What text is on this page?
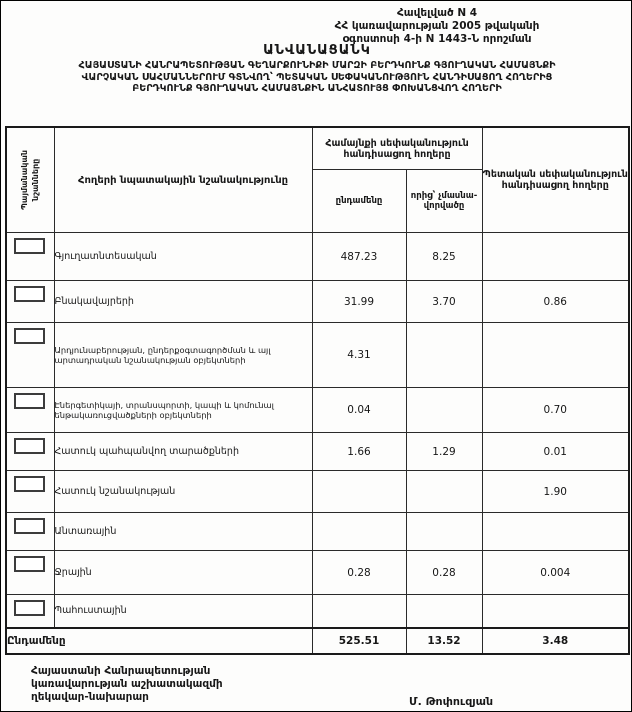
Հավելված N 4
ՀՀ կառավարության 2005 թվականի
օգոստոսի 4-ի N 1443-Ն որոշման
ԱՆՎԱՆԱՑԱՆԿ
ՀԱՅԱՍՏԱՆԻ ՀԱՆՐԱՊԵՏՈՒԹՅԱՆ ԳԵՂԱՐՔՈՒՆԻՔԻ ՄԱՐԶԻ ԲԵՐԴԿՈՒՆՔ ԳՅՈՒՂԱԿԱՆ ՀԱՄԱՅՆՔԻ
ՎԱՐՉԱԿԱՆ ՍԱՀՄԱՆՆԵՐՈՒՄ ԳՏՆՎՈՂ՝ ՊԵՏԱԿԱՆ ՍԵՓԱԿԱՆՈՒԹՅՈՒՆ ՀԱՆԴԻՍԱՑՈՂ ՀՈՂԵՐԻՑ
ԲԵՐԴԿՈՒՆՔ ԳՅՈՒՂԱԿԱՆ ՀԱՄԱՅՆՔԻՆ ԱՆՀԱՏՈՒՅՑ ՓՈԽԱՆՑՎՈՂ ՀՈՂԵՐԻ
Պայմանական նշանները	Հողերի նպատակային նշանակությունը	Համայնքի սեփականություն հանդիսացող հողերը		Պետական սեփականություն հանդիսացող հողերը
		ընդամենը	որից՝ չմասնա- վորվածը	
	Գյուղատնտեսական	487.23	8.25	
	Բնակավայրերի	31.99	3.70	0.86
	Արդյունաբերության, ընդերքօգտագործման և այլ արտադրական նշանակության օբյեկտների	4.31		
	Էներգետիկայի, տրանսպորտի, կապի և կոմունալ ենթակառուցվածքների օբյեկտների	0.04		0.70
	Հատուկ պահպանվող տարածքների	1.66	1.29	0.01
	Հատուկ նշանակության			1.90
	Անտառային			
	Ջրային	0.28	0.28	0.004
	Պահուստային			
Ընդամենը		525.51	13.52	3.48
Հայաստանի Հանրապետության
կառավարության աշխատակազմի
ղեկավար-նախարար	Մ. Թոփուզյան
